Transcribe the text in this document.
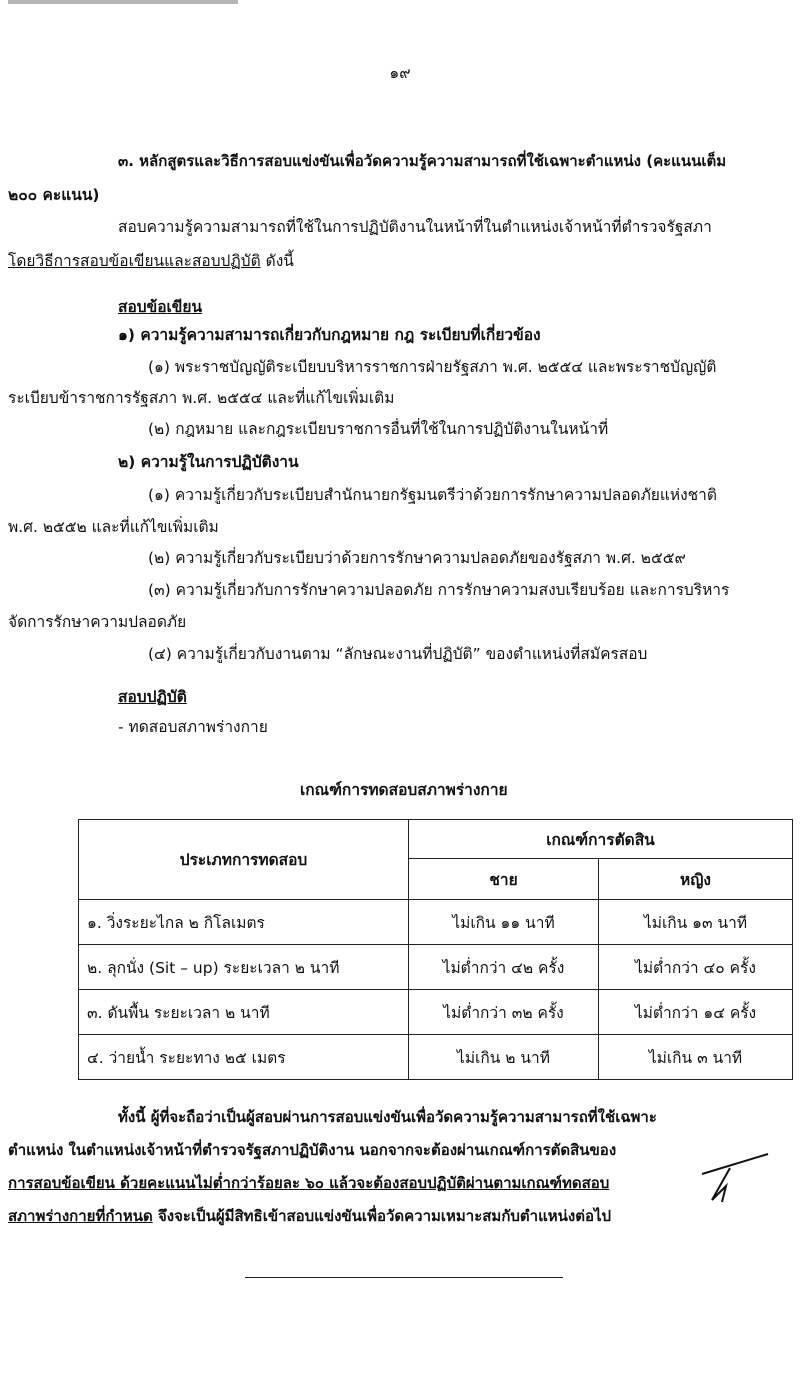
๑๙
๓. หลักสูตรและวิธีการสอบแข่งขันเพื่อวัดความรู้ความสามารถที่ใช้เฉพาะตำแหน่ง (คะแนนเต็ม
๒๐๐ คะแนน)
สอบความรู้ความสามารถที่ใช้ในการปฏิบัติงานในหน้าที่ในตำแหน่งเจ้าหน้าที่ตำรวจรัฐสภา
โดยวิธีการสอบข้อเขียนและสอบปฏิบัติ ดังนี้
สอบข้อเขียน
๑) ความรู้ความสามารถเกี่ยวกับกฎหมาย กฎ ระเบียบที่เกี่ยวข้อง
(๑) พระราชบัญญัติระเบียบบริหารราชการฝ่ายรัฐสภา พ.ศ. ๒๕๕๔ และพระราชบัญญัติ
ระเบียบข้าราชการรัฐสภา พ.ศ. ๒๕๕๔ และที่แก้ไขเพิ่มเติม
(๒) กฎหมาย และกฎระเบียบราชการอื่นที่ใช้ในการปฏิบัติงานในหน้าที่
๒) ความรู้ในการปฏิบัติงาน
(๑) ความรู้เกี่ยวกับระเบียบสำนักนายกรัฐมนตรีว่าด้วยการรักษาความปลอดภัยแห่งชาติ
พ.ศ. ๒๕๕๒ และที่แก้ไขเพิ่มเติม
(๒) ความรู้เกี่ยวกับระเบียบว่าด้วยการรักษาความปลอดภัยของรัฐสภา พ.ศ. ๒๕๕๙
(๓) ความรู้เกี่ยวกับการรักษาความปลอดภัย การรักษาความสงบเรียบร้อย และการบริหาร
จัดการรักษาความปลอดภัย
(๔) ความรู้เกี่ยวกับงานตาม “ลักษณะงานที่ปฏิบัติ” ของตำแหน่งที่สมัครสอบ
สอบปฏิบัติ
- ทดสอบสภาพร่างกาย
เกณฑ์การทดสอบสภาพร่างกาย
ประเภทการทดสอบ	เกณฑ์การตัดสิน	
	ชาย	หญิง
๑. วิ่งระยะไกล ๒ กิโลเมตร	ไม่เกิน ๑๑ นาที	ไม่เกิน ๑๓ นาที
๒. ลุกนั่ง (Sit – up) ระยะเวลา ๒ นาที	ไม่ต่ำกว่า ๔๒ ครั้ง	ไม่ต่ำกว่า ๔๐ ครั้ง
๓. ดันพื้น ระยะเวลา ๒ นาที	ไม่ต่ำกว่า ๓๒ ครั้ง	ไม่ต่ำกว่า ๑๔ ครั้ง
๔. ว่ายน้ำ ระยะทาง ๒๕ เมตร	ไม่เกิน ๒ นาที	ไม่เกิน ๓ นาที
ทั้งนี้ ผู้ที่จะถือว่าเป็นผู้สอบผ่านการสอบแข่งขันเพื่อวัดความรู้ความสามารถที่ใช้เฉพาะ
ตำแหน่ง ในตำแหน่งเจ้าหน้าที่ตำรวจรัฐสภาปฏิบัติงาน นอกจากจะต้องผ่านเกณฑ์การตัดสินของ
การสอบข้อเขียน ด้วยคะแนนไม่ต่ำกว่าร้อยละ ๖๐ แล้วจะต้องสอบปฏิบัติผ่านตามเกณฑ์ทดสอบ
สภาพร่างกายที่กำหนด จึงจะเป็นผู้มีสิทธิเข้าสอบแข่งขันเพื่อวัดความเหมาะสมกับตำแหน่งต่อไป
